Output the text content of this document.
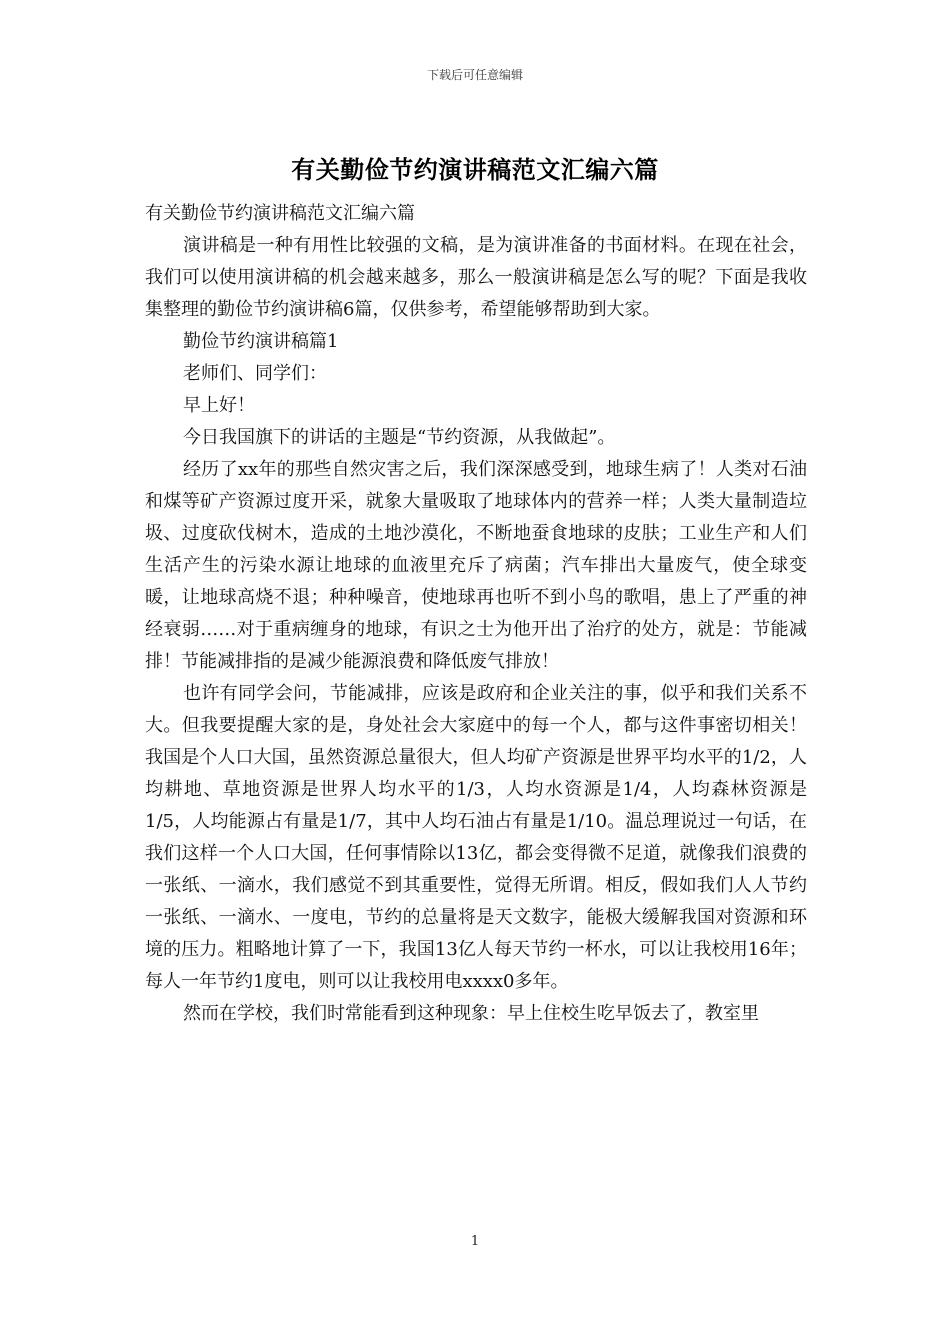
下载后可任意编辑
有关勤俭节约演讲稿范文汇编六篇

有关勤俭节约演讲稿范文汇编六篇

演讲稿是一种有用性比较强的文稿，是为演讲准备的书面材料。在现在社会，我们可以使用演讲稿的机会越来越多，那么一般演讲稿是怎么写的呢？下面是我收集整理的勤俭节约演讲稿6篇，仅供参考，希望能够帮助到大家。

勤俭节约演讲稿篇1

老师们、同学们：

早上好！

今日我国旗下的讲话的主题是“节约资源，从我做起”。

经历了xx年的那些自然灾害之后，我们深深感受到，地球生病了！人类对石油和煤等矿产资源过度开采，就象大量吸取了地球体内的营养一样；人类大量制造垃圾、过度砍伐树木，造成的土地沙漠化，不断地蚕食地球的皮肤；工业生产和人们生活产生的污染水源让地球的血液里充斥了病菌；汽车排出大量废气，使全球变暖，让地球高烧不退；种种噪音，使地球再也听不到小鸟的歌唱，患上了严重的神经衰弱……对于重病缠身的地球，有识之士为他开出了治疗的处方，就是：节能减排！节能减排指的是减少能源浪费和降低废气排放！

也许有同学会问，节能减排，应该是政府和企业关注的事，似乎和我们关系不大。但我要提醒大家的是，身处社会大家庭中的每一个人，都与这件事密切相关！我国是个人口大国，虽然资源总量很大，但人均矿产资源是世界平均水平的1/2，人均耕地、草地资源是世界人均水平的1/3，人均水资源是1/4，人均森林资源是1/5，人均能源占有量是1/7，其中人均石油占有量是1/10。温总理说过一句话，在我们这样一个人口大国，任何事情除以13亿，都会变得微不足道，就像我们浪费的一张纸、一滴水，我们感觉不到其重要性，觉得无所谓。相反，假如我们人人节约一张纸、一滴水、一度电，节约的总量将是天文数字，能极大缓解我国对资源和环境的压力。粗略地计算了一下，我国13亿人每天节约一杯水，可以让我校用16年；每人一年节约1度电，则可以让我校用电xxxx0多年。

然而在学校，我们时常能看到这种现象：早上住校生吃早饭去了，教室里

1
